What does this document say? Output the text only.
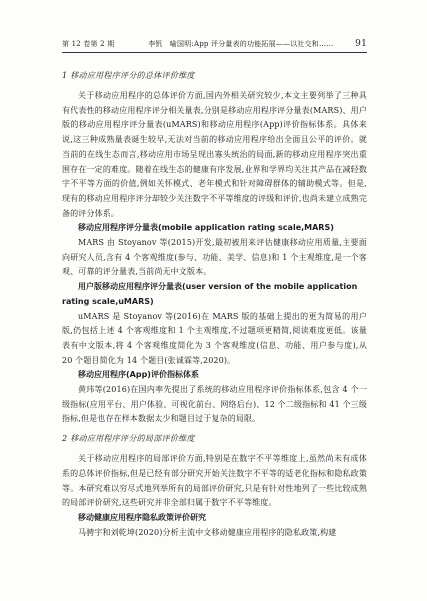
第 12 卷第 2 期	李钒　喻国明:App 评分量表的功能拓展——以社交和……	91
1 移动应用程序评分的总体评价维度

关于移动应用程序的总体评价方面,国内外相关研究较少,本文主要列举了三种具有代表性的移动应用程序评分相关量表,分别是移动应用程序评分量表(MARS)、用户版的移动应用程序评分量表(uMARS)和移动应用程序(App)评价指标体系。具体来说,这三种成熟量表诞生较早,无法对当前的移动应用程序给出全面且公平的评价。就当前的在线生态而言,移动应用市场呈现出寡头统治的局面,新的移动应用程序突出重围存在一定的难度。随着在线生态的健康有序发展,业界和学界均关注其产品在减轻数字不平等方面的价值,例如关怀模式、老年模式和针对障碍群体的辅助模式等。但是,现有的移动应用程序评分却较少关注数字不平等维度的评级和评价,也尚未建立成熟完备的评分体系。

移动应用程序评分量表(mobile application rating scale,MARS)

MARS 由 Stoyanov 等(2015)开发,最初被用来评估健康移动应用质量,主要面向研究人员,含有 4 个客观维度(参与、功能、美学、信息)和 1 个主观维度,是一个客观、可靠的评分量表,当前尚无中文版本。

用户版移动应用程序评分量表(user version of the mobile application rating scale,uMARS)

uMARS 是 Stoyanov 等(2016)在 MARS 版的基础上提出的更为简易的用户版,仍包括上述 4 个客观维度和 1 个主观维度,不过题项更精简,阅读难度更低。该量表有中文版本,将 4 个客观维度简化为 3 个客观维度(信息、功能、用户参与度),从 20 个题目简化为 14 个题目(张诚霖等,2020)。

移动应用程序(App)评价指标体系

黄玮等(2016)在国内率先提出了系统的移动应用程序评价指标体系,包含 4 个一级指标(应用平台、用户体验、可视化前台、网络后台)、12 个二级指标和 41 个三级指标,但是也存在样本数据太少和题目过于复杂的局限。

2 移动应用程序评分的局部评价维度

关于移动应用程序的局部评价方面,特别是在数字不平等维度上,虽然尚未有成体系的总体评价指标,但是已经有部分研究开始关注数字不平等的适老化指标和隐私政策等。本研究难以穷尽式地列举所有的局部评价研究,只是有针对性地列了一些比较成熟的局部评价研究,这些研究并非全部归属于数字不平等维度。

移动健康应用程序隐私政策评价研究

马骋宇和刘乾坤(2020)分析主流中文移动健康应用程序的隐私政策,构建
